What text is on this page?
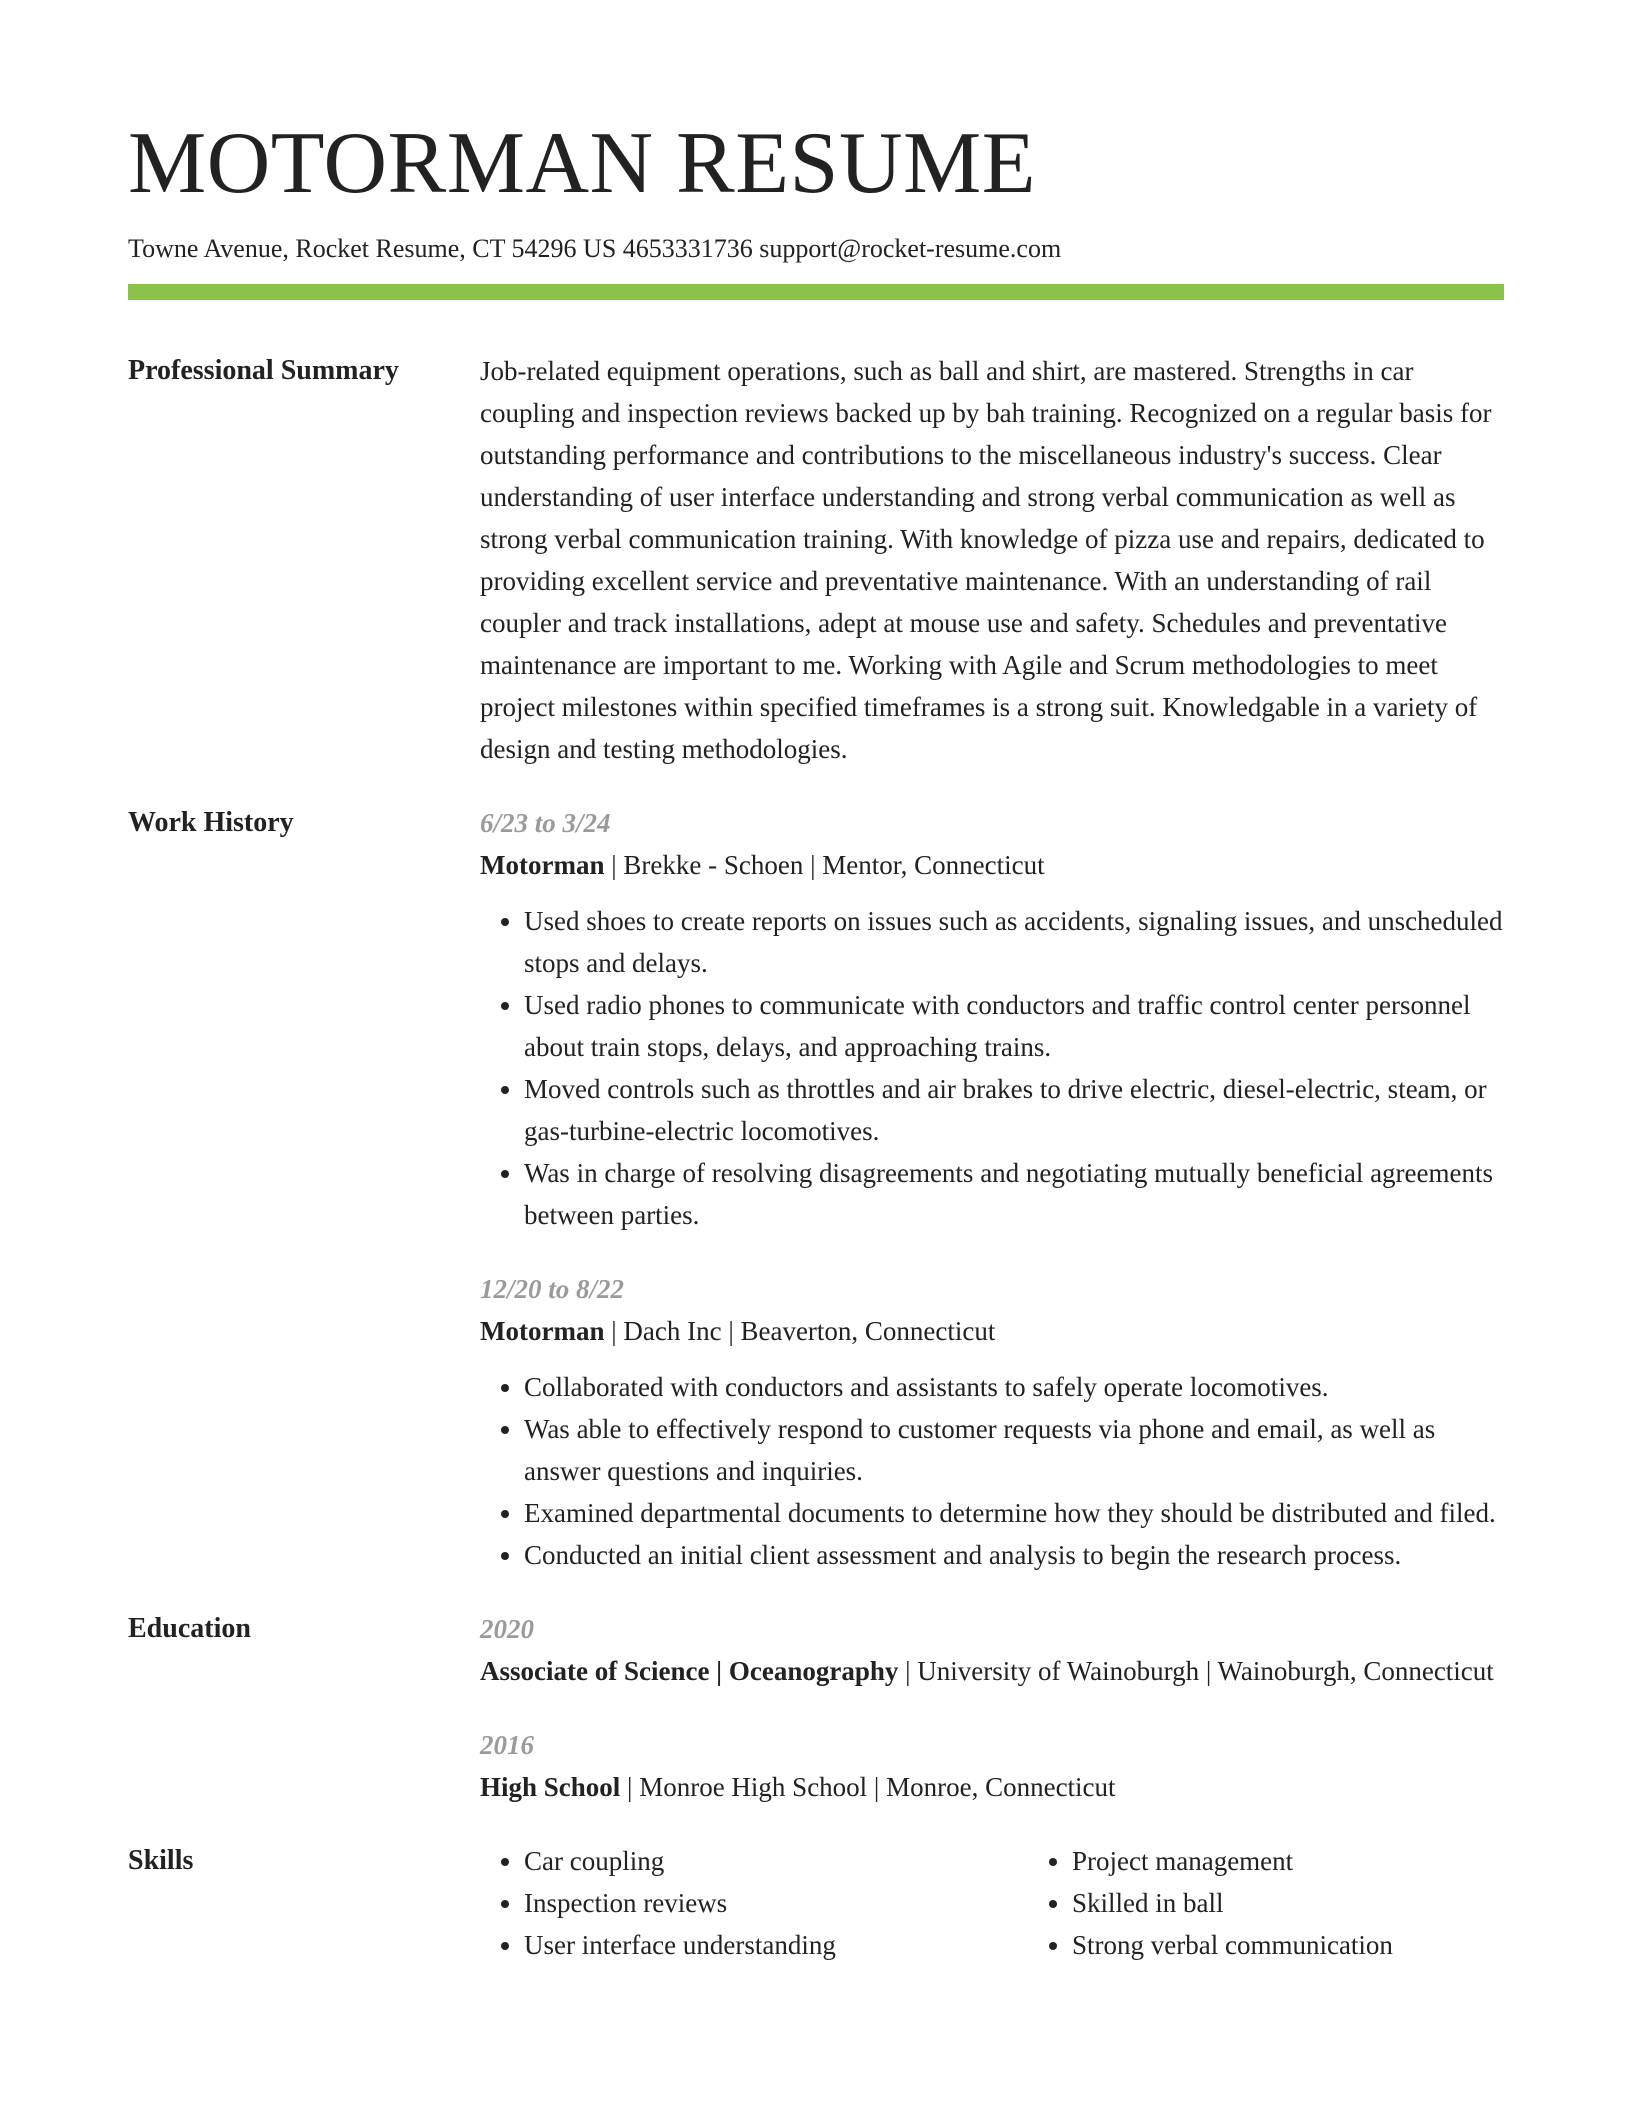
MOTORMAN RESUME
Towne Avenue, Rocket Resume, CT 54296 US 4653331736 support@rocket-resume.com
Professional Summary	Job-related equipment operations, such as ball and shirt, are mastered. Strengths in car coupling and inspection reviews backed up by bah training. Recognized on a regular basis for outstanding performance and contributions to the miscellaneous industry's success. Clear understanding of user interface understanding and strong verbal communication as well as strong verbal communication training. With knowledge of pizza use and repairs, dedicated to providing excellent service and preventative maintenance. With an understanding of rail coupler and track installations, adept at mouse use and safety. Schedules and preventative maintenance are important to me. Working with Agile and Scrum methodologies to meet project milestones within specified timeframes is a strong suit. Knowledgable in a variety of design and testing methodologies.
Work History	6/23 to 3/24
Motorman | Brekke - Schoen | Mentor, Connecticut
• Used shoes to create reports on issues such as accidents, signaling issues, and unscheduled stops and delays.
• Used radio phones to communicate with conductors and traffic control center personnel about train stops, delays, and approaching trains.
• Moved controls such as throttles and air brakes to drive electric, diesel-electric, steam, or gas-turbine-electric locomotives.
• Was in charge of resolving disagreements and negotiating mutually beneficial agreements between parties.
12/20 to 8/22
Motorman | Dach Inc | Beaverton, Connecticut
• Collaborated with conductors and assistants to safely operate locomotives.
• Was able to effectively respond to customer requests via phone and email, as well as answer questions and inquiries.
• Examined departmental documents to determine how they should be distributed and filed.
• Conducted an initial client assessment and analysis to begin the research process.
Education	2020
Associate of Science | Oceanography | University of Wainoburgh | Wainoburgh, Connecticut
2016
High School | Monroe High School | Monroe, Connecticut
Skills
•	Car coupling
• Inspection reviews
• User interface understanding
• Project management
• Skilled in ball
• Strong verbal communication
